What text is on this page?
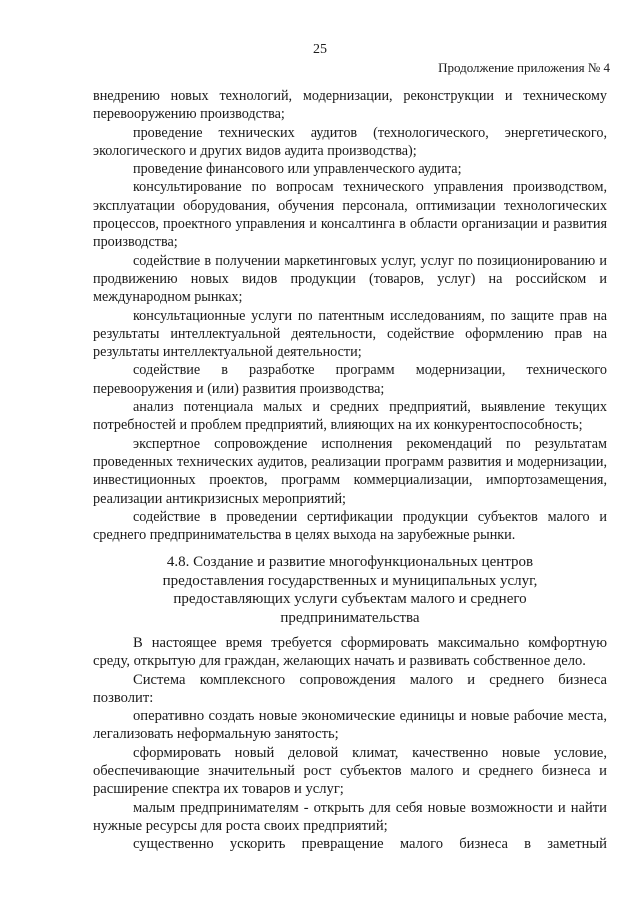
25
Продолжение приложения № 4

внедрению новых технологий, модернизации, реконструкции и техническому перевооружению производства;

проведение технических аудитов (технологического, энергетического, экологического и других видов аудита производства);

проведение финансового или управленческого аудита;

консультирование по вопросам технического управления производством, эксплуатации оборудования, обучения персонала, оптимизации технологических процессов, проектного управления и консалтинга в области организации и развития производства;

содействие в получении маркетинговых услуг, услуг по позиционированию и продвижению новых видов продукции (товаров, услуг) на российском и международном рынках;

консультационные услуги по патентным исследованиям, по защите прав на результаты интеллектуальной деятельности, содействие оформлению прав на результаты интеллектуальной деятельности;

содействие в разработке программ модернизации, технического перевооружения и (или) развития производства;

анализ потенциала малых и средних предприятий, выявление текущих потребностей и проблем предприятий, влияющих на их конкурентоспособность;

экспертное сопровождение исполнения рекомендаций по результатам проведенных технических аудитов, реализации программ развития и модернизации, инвестиционных проектов, программ коммерциализации, импортозамещения, реализации антикризисных мероприятий;

содействие в проведении сертификации продукции субъектов малого и среднего предпринимательства в целях выхода на зарубежные рынки.

4.8. Создание и развитие многофункциональных центров
предоставления государственных и муниципальных услуг,
предоставляющих услуги субъектам малого и среднего
предпринимательства

В настоящее время требуется сформировать максимально комфортную среду, открытую для граждан, желающих начать и развивать собственное дело.

Система комплексного сопровождения малого и среднего бизнеса позволит:

оперативно создать новые экономические единицы и новые рабочие места, легализовать неформальную занятость;

сформировать новый деловой климат, качественно новые условие, обеспечивающие значительный рост субъектов малого и среднего бизнеса и расширение спектра их товаров и услуг;

малым предпринимателям - открыть для себя новые возможности и найти нужные ресурсы для роста своих предприятий;

существенно ускорить превращение малого бизнеса в заметный
